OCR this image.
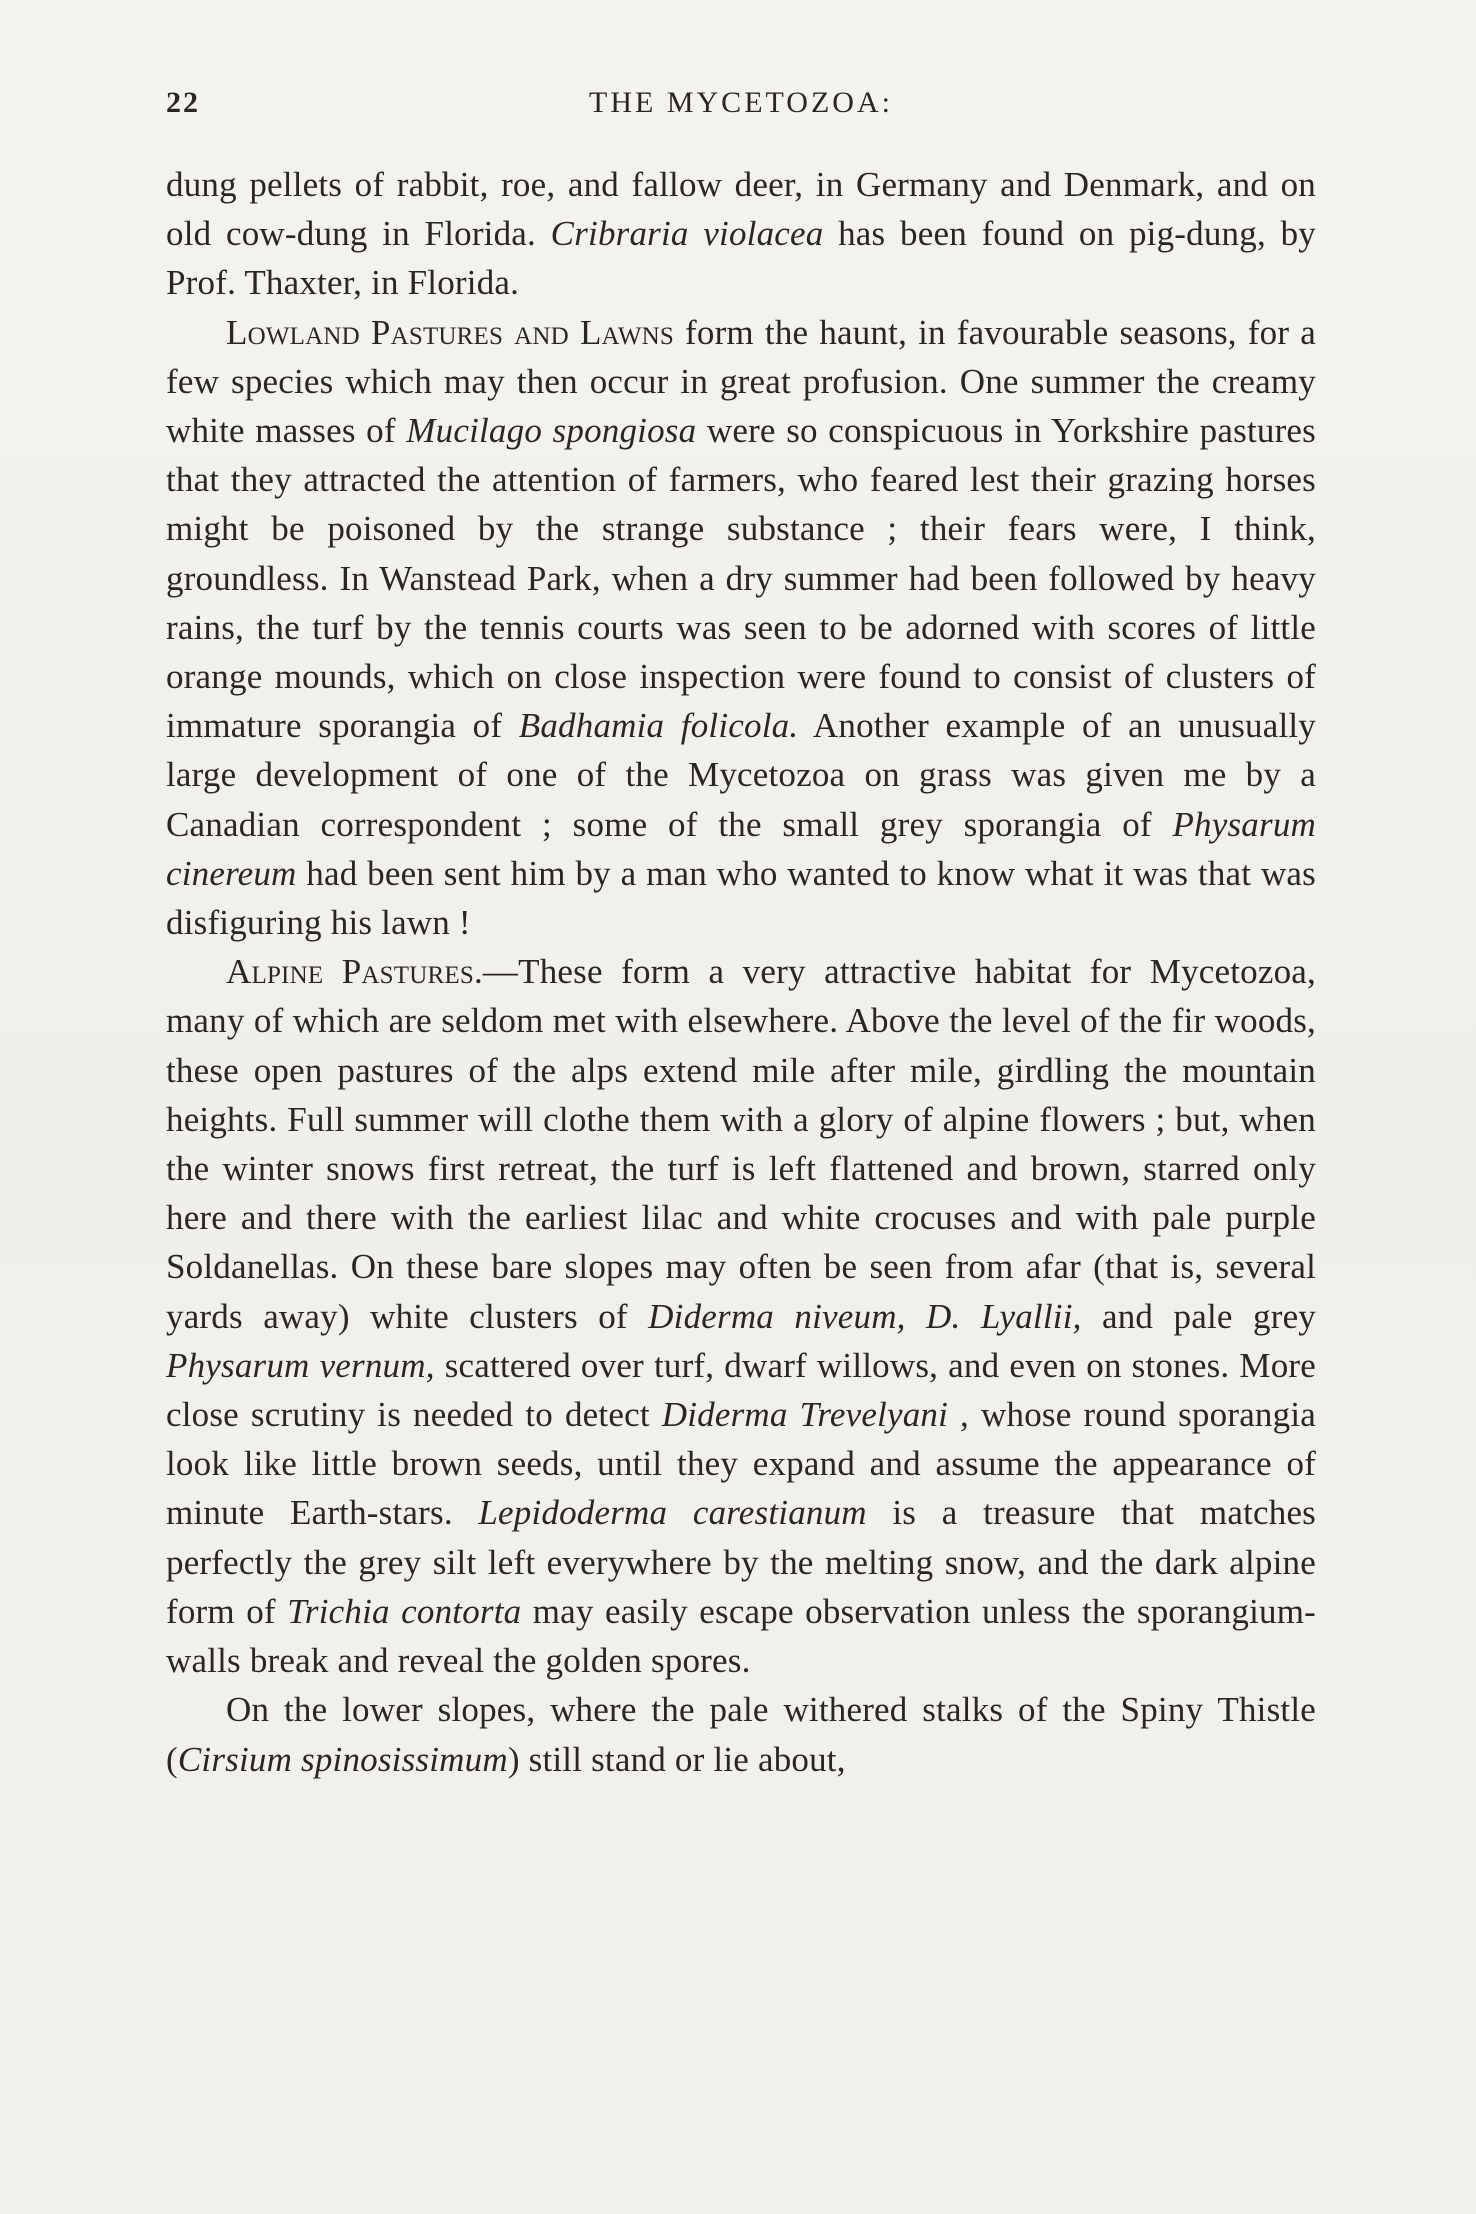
22	THE MYCETOZOA:

dung pellets of rabbit, roe, and fallow deer, in Germany and Denmark, and on old cow-dung in Florida. Cribraria violacea has been found on pig-dung, by Prof. Thaxter, in Florida.

Lowland Pastures and Lawns form the haunt, in favourable seasons, for a few species which may then occur in great profusion. One summer the creamy white masses of Mucilago spongiosa were so conspicuous in Yorkshire pastures that they attracted the attention of farmers, who feared lest their grazing horses might be poisoned by the strange substance ; their fears were, I think, groundless. In Wanstead Park, when a dry summer had been followed by heavy rains, the turf by the tennis courts was seen to be adorned with scores of little orange mounds, which on close inspection were found to consist of clusters of immature sporangia of Badhamia folicola. Another example of an unusually large development of one of the Mycetozoa on grass was given me by a Canadian correspondent ; some of the small grey sporangia of Physarum cinereum had been sent him by a man who wanted to know what it was that was disfiguring his lawn !

Alpine Pastures.—These form a very attractive habitat for Mycetozoa, many of which are seldom met with elsewhere. Above the level of the fir woods, these open pastures of the alps extend mile after mile, girdling the mountain heights. Full summer will clothe them with a glory of alpine flowers ; but, when the winter snows first retreat, the turf is left flattened and brown, starred only here and there with the earliest lilac and white crocuses and with pale purple Soldanellas. On these bare slopes may often be seen from afar (that is, several yards away) white clusters of Diderma niveum, D. Lyallii, and pale grey Physarum vernum, scattered over turf, dwarf willows, and even on stones. More close scrutiny is needed to detect Diderma Trevelyani , whose round sporangia look like little brown seeds, until they expand and assume the appearance of minute Earth-stars. Lepidoderma carestianum is a treasure that matches perfectly the grey silt left everywhere by the melting snow, and the dark alpine form of Trichia contorta may easily escape observation unless the sporangium-walls break and reveal the golden spores.

On the lower slopes, where the pale withered stalks of the Spiny Thistle (Cirsium spinosissimum) still stand or lie about,
